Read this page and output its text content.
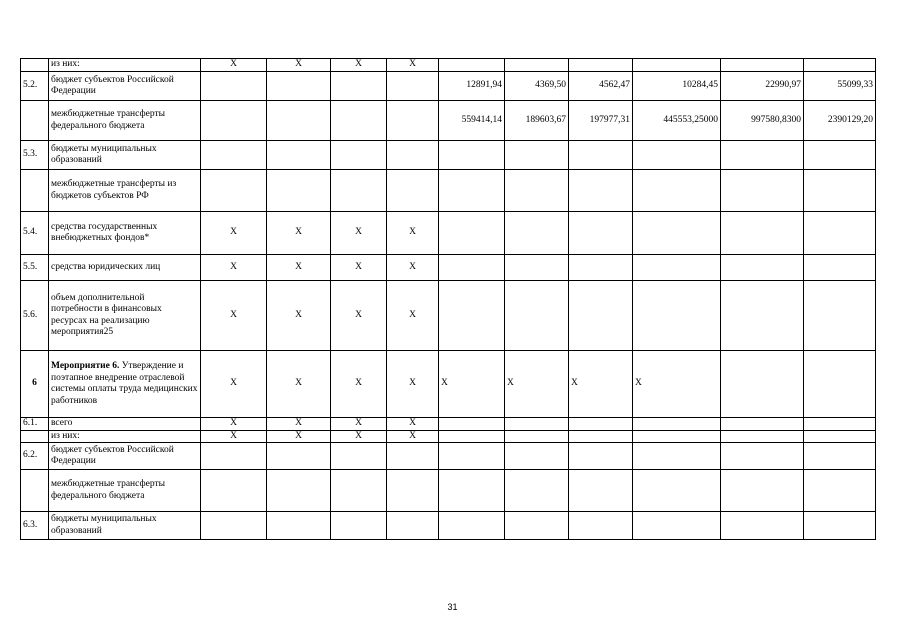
	из них:	X	X	X	X						
5.2.	бюджет субъектов Российской Федерации					12891,94	4369,50	4562,47	10284,45	22990,97	55099,33
	межбюджетные трансферты федерального бюджета					559414,14	189603,67	197977,31	445553,25000	997580,8300	2390129,20
5.3.	бюджеты муниципальных образований										
	межбюджетные трансферты из бюджетов субъектов РФ										
5.4.	средства государственных внебюджетных фондов*	X	X	X	X						
5.5.	средства юридических лиц	X	X	X	X						
5.6.	объем дополнительной потребности в финансовых ресурсах на реализацию мероприятия25	X	X	X	X						
6	Мероприятие 6. Утверждение и поэтапное внедрение отраслевой системы оплаты труда медицинских работников	X	X	X	X	X	X	X	X		
6.1.	всего	X	X	X	X						
	из них:	X	X	X	X						
6.2.	бюджет субъектов Российской Федерации										
	межбюджетные трансферты федерального бюджета										
6.3.	бюджеты муниципальных образований										
31
